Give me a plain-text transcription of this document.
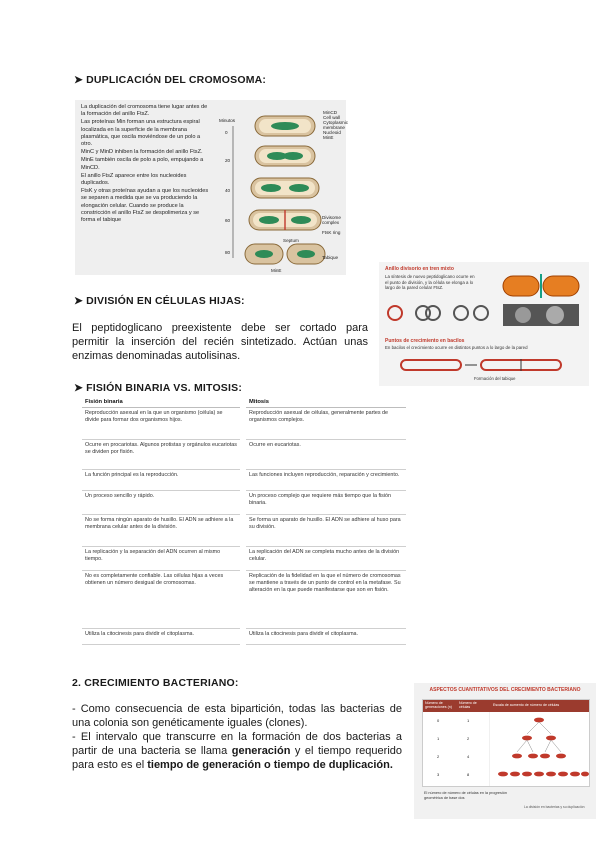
➤ DUPLICACIÓN DEL CROMOSOMA:

La duplicación del cromosoma tiene lugar antes de la formación del anillo FtsZ.

Las proteínas Min forman una estructura espiral localizada en la superficie de la membrana plasmática, que oscila moviéndose de un polo a otro.

MinC y MinD inhiben la formación del anillo FtsZ.

MinE también oscila de polo a polo, empujando a MinCD.

El anillo FtsZ aparece entre los nucleoides duplicados.

FtsK y otras proteínas ayudan a que los nucleoides se separen a medida que se va produciendo la elongación celular. Cuando se produce la constricción el anillo FtsZ se despolimeriza y se forma el tabique

Minutos
0
20
40
60
80
MinCD
Cell wall
Cytoplasmic membrane
Nucleoid
MinE
Divisome complex
FtsK ring
Septum
Tabique
MinE
➤ DIVISIÓN EN CÉLULAS HIJAS:
El peptidoglicano preexistente debe ser cortado para permitir la inserción del recién sintetizado. Actúan unas enzimas denominadas autolisinas.
Anillo divisorio en tren mixto
La síntesis de nuevo peptidoglicano ocurre en el punto de división, y la célula se elonga a lo largo de la pared celular FtsZ.
Puntos de crecimiento en bacilos
En bacilos el crecimiento ocurre en distintos puntos a lo largo de la pared
Formación del tabique
➤ FISIÓN BINARIA VS. MITOSIS:
Fisión binaria	Mitosis
Reproducción asexual en la que un organismo (célula) se divide para formar dos organismos hijos.	Reproducción asexual de células, generalmente partes de organismos complejos.
Ocurre en procariotas. Algunos protistas y orgánulos eucariotas se dividen por fisión.	Ocurre en eucariotas.
La función principal es la reproducción.	Las funciones incluyen reproducción, reparación y crecimiento.
Un proceso sencillo y rápido.	Un proceso complejo que requiere más tiempo que la fisión binaria.
No se forma ningún aparato de husillo. El ADN se adhiere a la membrana celular antes de la división.	Se forma un aparato de husillo. El ADN se adhiere al huso para su división.
La replicación y la separación del ADN ocurren al mismo tiempo.	La replicación del ADN se completa mucho antes de la división celular.
No es completamente confiable. Las células hijas a veces obtienen un número desigual de cromosomas.	Replicación de la fidelidad en la que el número de cromosomas se mantiene a través de un punto de control en la metafase. Su alteración en la que puede manifestarse que son en fisión.
Utiliza la citocinesis para dividir el citoplasma.	Utiliza la citocinesis para dividir el citoplasma.
2. CRECIMIENTO BACTERIANO:
- Como consecuencia de esta bipartición, todas las bacterias de una colonia son genéticamente iguales (clones).
- El intervalo que transcurre en la formación de dos bacterias a partir de una bacteria se llama generación y el tiempo requerido para esto es el tiempo de generación o tiempo de duplicación.
ASPECTOS CUANTITATIVOS DEL CRECIMIENTO BACTERIANO
Número de generaciones (n)
Número de células
Escala de aumento de número de células
0	1
1	2
2	4
3	8
El número de número de células en la progresión geométrica de base dos
La división en bacterias y su duplicación
